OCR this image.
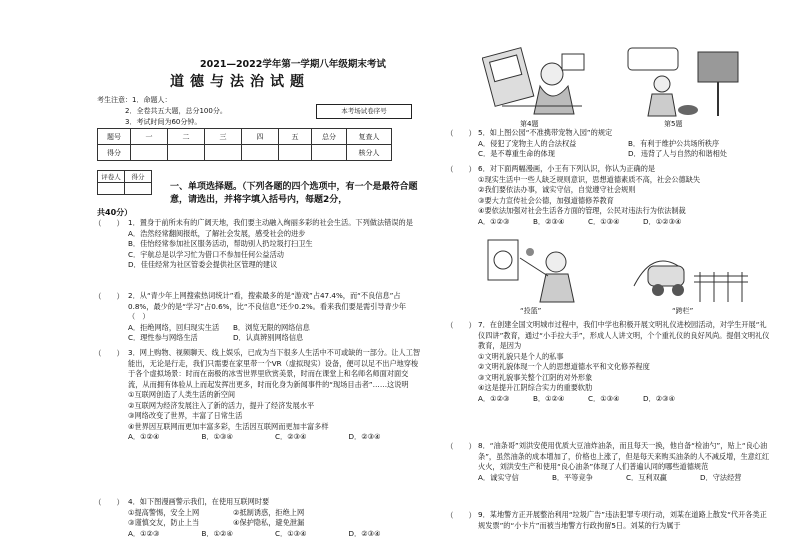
2021—2022学年第一学期八年级期末考试
道德与法治试题
考生注意：1．命题人：
2．全卷共五大题，总分100分。
3．考试时间为60分钟。
本考场试卷序号
题号	一	二	三	四	五	总分	复查人
得分							核分人
评卷人	得分

一、单项选择题。（下列各题的四个选项中，有一个是最符合题意，请选出，并将字填入括号内，每题2分，
共40分）
（　　） 1．置身于前所未有的广阔天地，我们要主动融入绚丽多彩的社会生活。下列做法错误的是
A．浩然经常翻阅报纸，了解社会发展，感受社会的进步
B．佳怡经常参加社区服务活动，帮助别人扔垃圾打扫卫生
C．宇航总是以学习忙为借口不参加任何公益活动
D．佳佳经常为社区管委会提供社区管理的建议
（　　） 2．从“青少年上网搜索热词统计”看，搜索最多的是“游戏”占47.4%，而“不良信息”占0.8%，最少的是“学习”占0.6%，比“不良信息”还少0.2%。看来我们要是需引导青少年（　）
A．拒绝网络，回归现实生活 B．浏览无限的网络信息
C．理性参与网络生活	D．认真辨别网络信息
（　　） 3．网上购物、视频聊天、线上娱乐，已成为当下很多人生活中不可或缺的一部分。让人工智能出，无论是行走，我们只需要在家里带一个VR（虚拟现实）设备，便可以足不出户地穿梭于各个虚拟场景：时而在南极的冰雪世界里欣赏美景，时而在课堂上和名师名师面对面交流，从而拥有体验从上而起发挥出更多，时而化身为新闻事件的“现场目击者”……这说明
①互联网创造了人类生活的新空间
②互联网为经济发展注入了新的活力，提升了经济发展水平
③网络改变了世界，丰富了日常生活
④世界因互联网而更加丰富多彩，生活因互联网而更加丰富多样
A．①②④	B．①③④	C．②③④	D．②③④
（　　） 4．如下图漫画警示我们，在使用互联网时要
①提高警惕，安全上网	②抵制诱惑，拒绝上网
③谨慎交友，防止上当	④保护隐私，避免泄漏
A．①②③	B．①②④	C．①③④	D．②③④
第4题	第5题
（　　） 5．如上图公园“不准携带宠物入园”的规定
A．侵犯了宠物主人的合法权益	B．有利于维护公共场所秩序
C．是不尊重生命的体现	D．违背了人与自然的和谐相处
（　　） 6．对下面两幅漫画，小王有下列认识，你认为正确的是
①现实生活中一些人缺乏规则意识，思想道德素质不高，社会公德缺失
②我们要依法办事，诚实守信，自觉遵守社会规则
③要大力宣传社会公德，加强道德修养教育
④要依法加强对社会生活各方面的管理，公民对违法行为依法制裁
A．①②③	B．②③④	C．①③④	D．①②③④
“投篮”	“跨栏”
（　　） 7．在创建全国文明城市过程中，我们中学也积极开展文明礼仪进校园活动，对学生开展“礼仪四讲”教育，通过“小手拉大手”，形成人人讲文明，个个重礼仪的良好风尚。提倡文明礼仪教育，是因为
①文明礼貌只是个人的私事
②文明礼貌体现一个人的思想道德水平和文化修养程度
③文明礼貌事关整个江阴的对外形象
④这是提升江阴综合实力的重要软肋
A．①②③	B．①②④	C．①③④	D．②③④
（　　） 8．“油条哥”刘洪安使用优质大豆油炸油条，而且每天一换，他自备“检油勺”，贴上“良心油条”，虽然油条的成本增加了，价格也上涨了，但是每天来购买油条的人不减反增，生意红红火火，刘洪安生产和使用“良心油条”体现了人们普遍认同的哪些道德规范
A．诚实守信	B．平等竞争	C．互利双赢	D．守法经营
（　　） 9．某地警方正开展整治利用“垃圾广告”违法犯罪专项行动，刘某在道路上散发“代开各类正规发票”的“小卡片”而被当地警方行政拘留5日。刘某的行为属于
